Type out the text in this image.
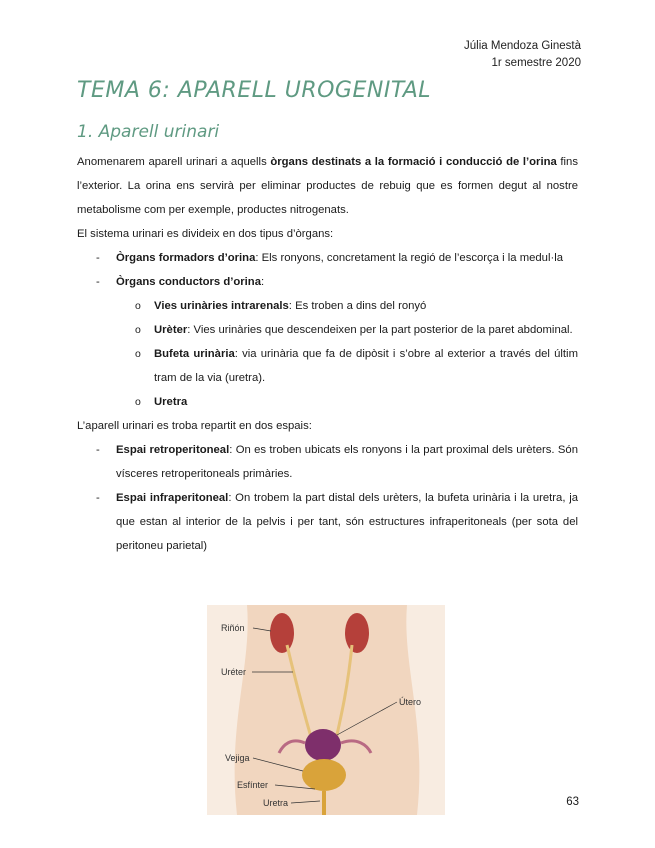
Júlia Mendoza Ginestà
1r semestre 2020
TEMA 6: APARELL UROGENITAL
1. Aparell urinari

Anomenarem aparell urinari a aquells òrgans destinats a la formació i conducció de l’orina fins l’exterior. La orina ens servirà per eliminar productes de rebuig que es formen degut al nostre metabolisme com per exemple, productes nitrogenats.

El sistema urinari es divideix en dos tipus d’òrgans:

- Òrgans formadors d’orina: Els ronyons, concretament la regió de l’escorça i la medul·la
- Òrgans conductors d’orina:
o Vies urinàries intrarenals: Es troben a dins del ronyó
o Urèter: Vies urinàries que descendeixen per la part posterior de la paret abdominal.
o Bufeta urinària: via urinària que fa de dipòsit i s’obre al exterior a través del últim tram de la via (uretra).
o Uretra

L’aparell urinari es troba repartit en dos espais:

- Espai retroperitoneal: On es troben ubicats els ronyons i la part proximal dels urèters. Són vísceres retroperitoneals primàries.
- Espai infraperitoneal: On trobem la part distal dels urèters, la bufeta urinària i la uretra, ja que estan al interior de la pelvis i per tant, són estructures infraperitoneals (per sota del peritoneu parietal)
Riñón
Uréter
Útero
Vejiga
Esfínter
Uretra	63
